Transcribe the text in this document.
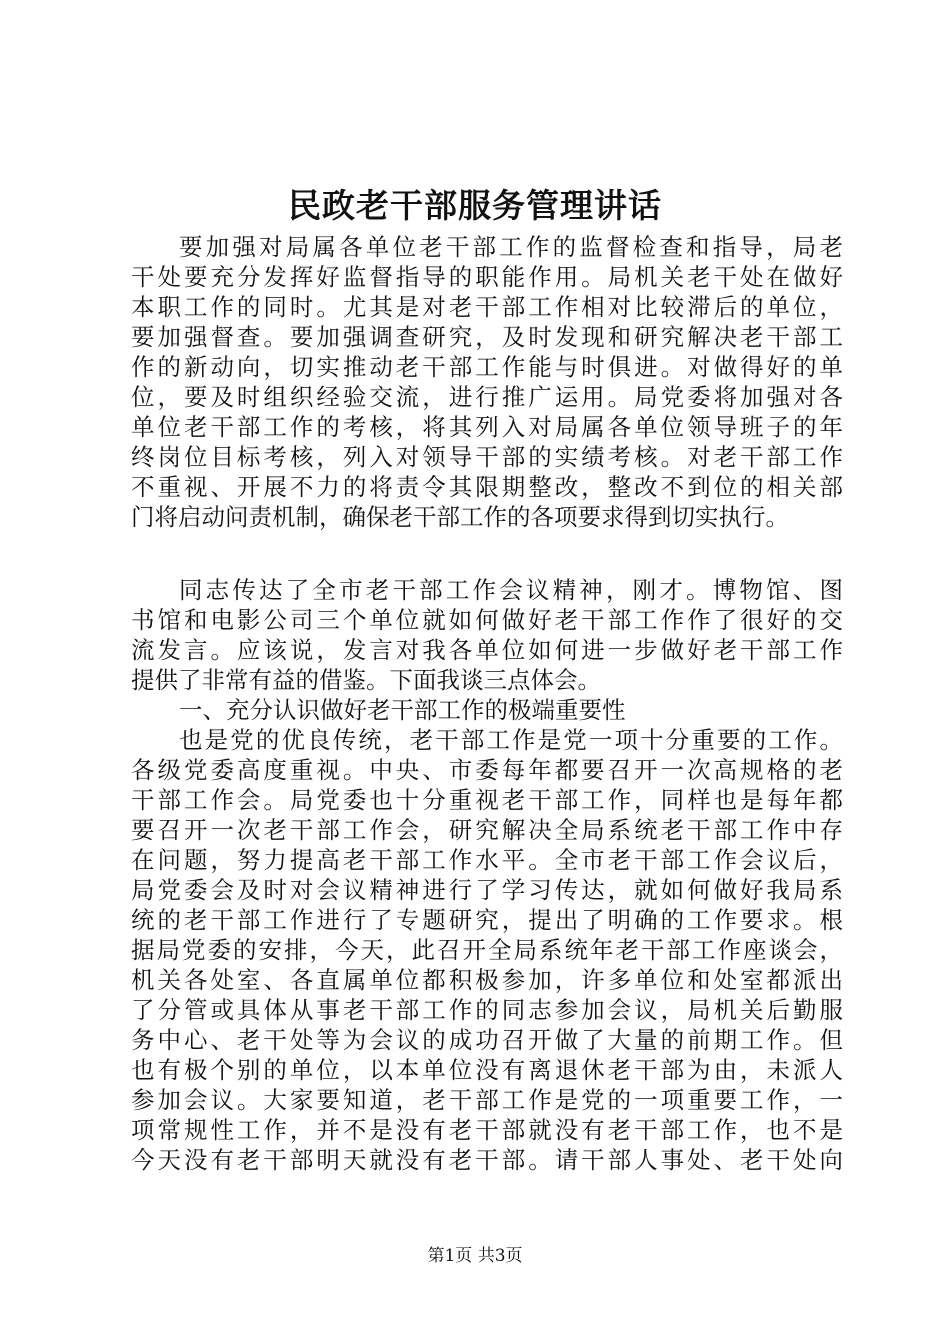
民政老干部服务管理讲话
要加强对局属各单位老干部工作的监督检查和指导，局老
干处要充分发挥好监督指导的职能作用。局机关老干处在做好
本职工作的同时。尤其是对老干部工作相对比较滞后的单位，
要加强督查。要加强调查研究，及时发现和研究解决老干部工
作的新动向，切实推动老干部工作能与时俱进。对做得好的单
位，要及时组织经验交流，进行推广运用。局党委将加强对各
单位老干部工作的考核，将其列入对局属各单位领导班子的年
终岗位目标考核，列入对领导干部的实绩考核。对老干部工作
不重视、开展不力的将责令其限期整改，整改不到位的相关部
门将启动问责机制，确保老干部工作的各项要求得到切实执行。
同志传达了全市老干部工作会议精神，刚才。博物馆、图
书馆和电影公司三个单位就如何做好老干部工作作了很好的交
流发言。应该说，发言对我各单位如何进一步做好老干部工作
提供了非常有益的借鉴。下面我谈三点体会。
一、充分认识做好老干部工作的极端重要性
也是党的优良传统，老干部工作是党一项十分重要的工作。
各级党委高度重视。中央、市委每年都要召开一次高规格的老
干部工作会。局党委也十分重视老干部工作，同样也是每年都
要召开一次老干部工作会，研究解决全局系统老干部工作中存
在问题，努力提高老干部工作水平。全市老干部工作会议后，
局党委会及时对会议精神进行了学习传达，就如何做好我局系
统的老干部工作进行了专题研究，提出了明确的工作要求。根
据局党委的安排，今天，此召开全局系统年老干部工作座谈会，
机关各处室、各直属单位都积极参加，许多单位和处室都派出
了分管或具体从事老干部工作的同志参加会议，局机关后勤服
务中心、老干处等为会议的成功召开做了大量的前期工作。但
也有极个别的单位，以本单位没有离退休老干部为由，未派人
参加会议。大家要知道，老干部工作是党的一项重要工作，一
项常规性工作，并不是没有老干部就没有老干部工作，也不是
今天没有老干部明天就没有老干部。请干部人事处、老干处向
第1页 共3页
